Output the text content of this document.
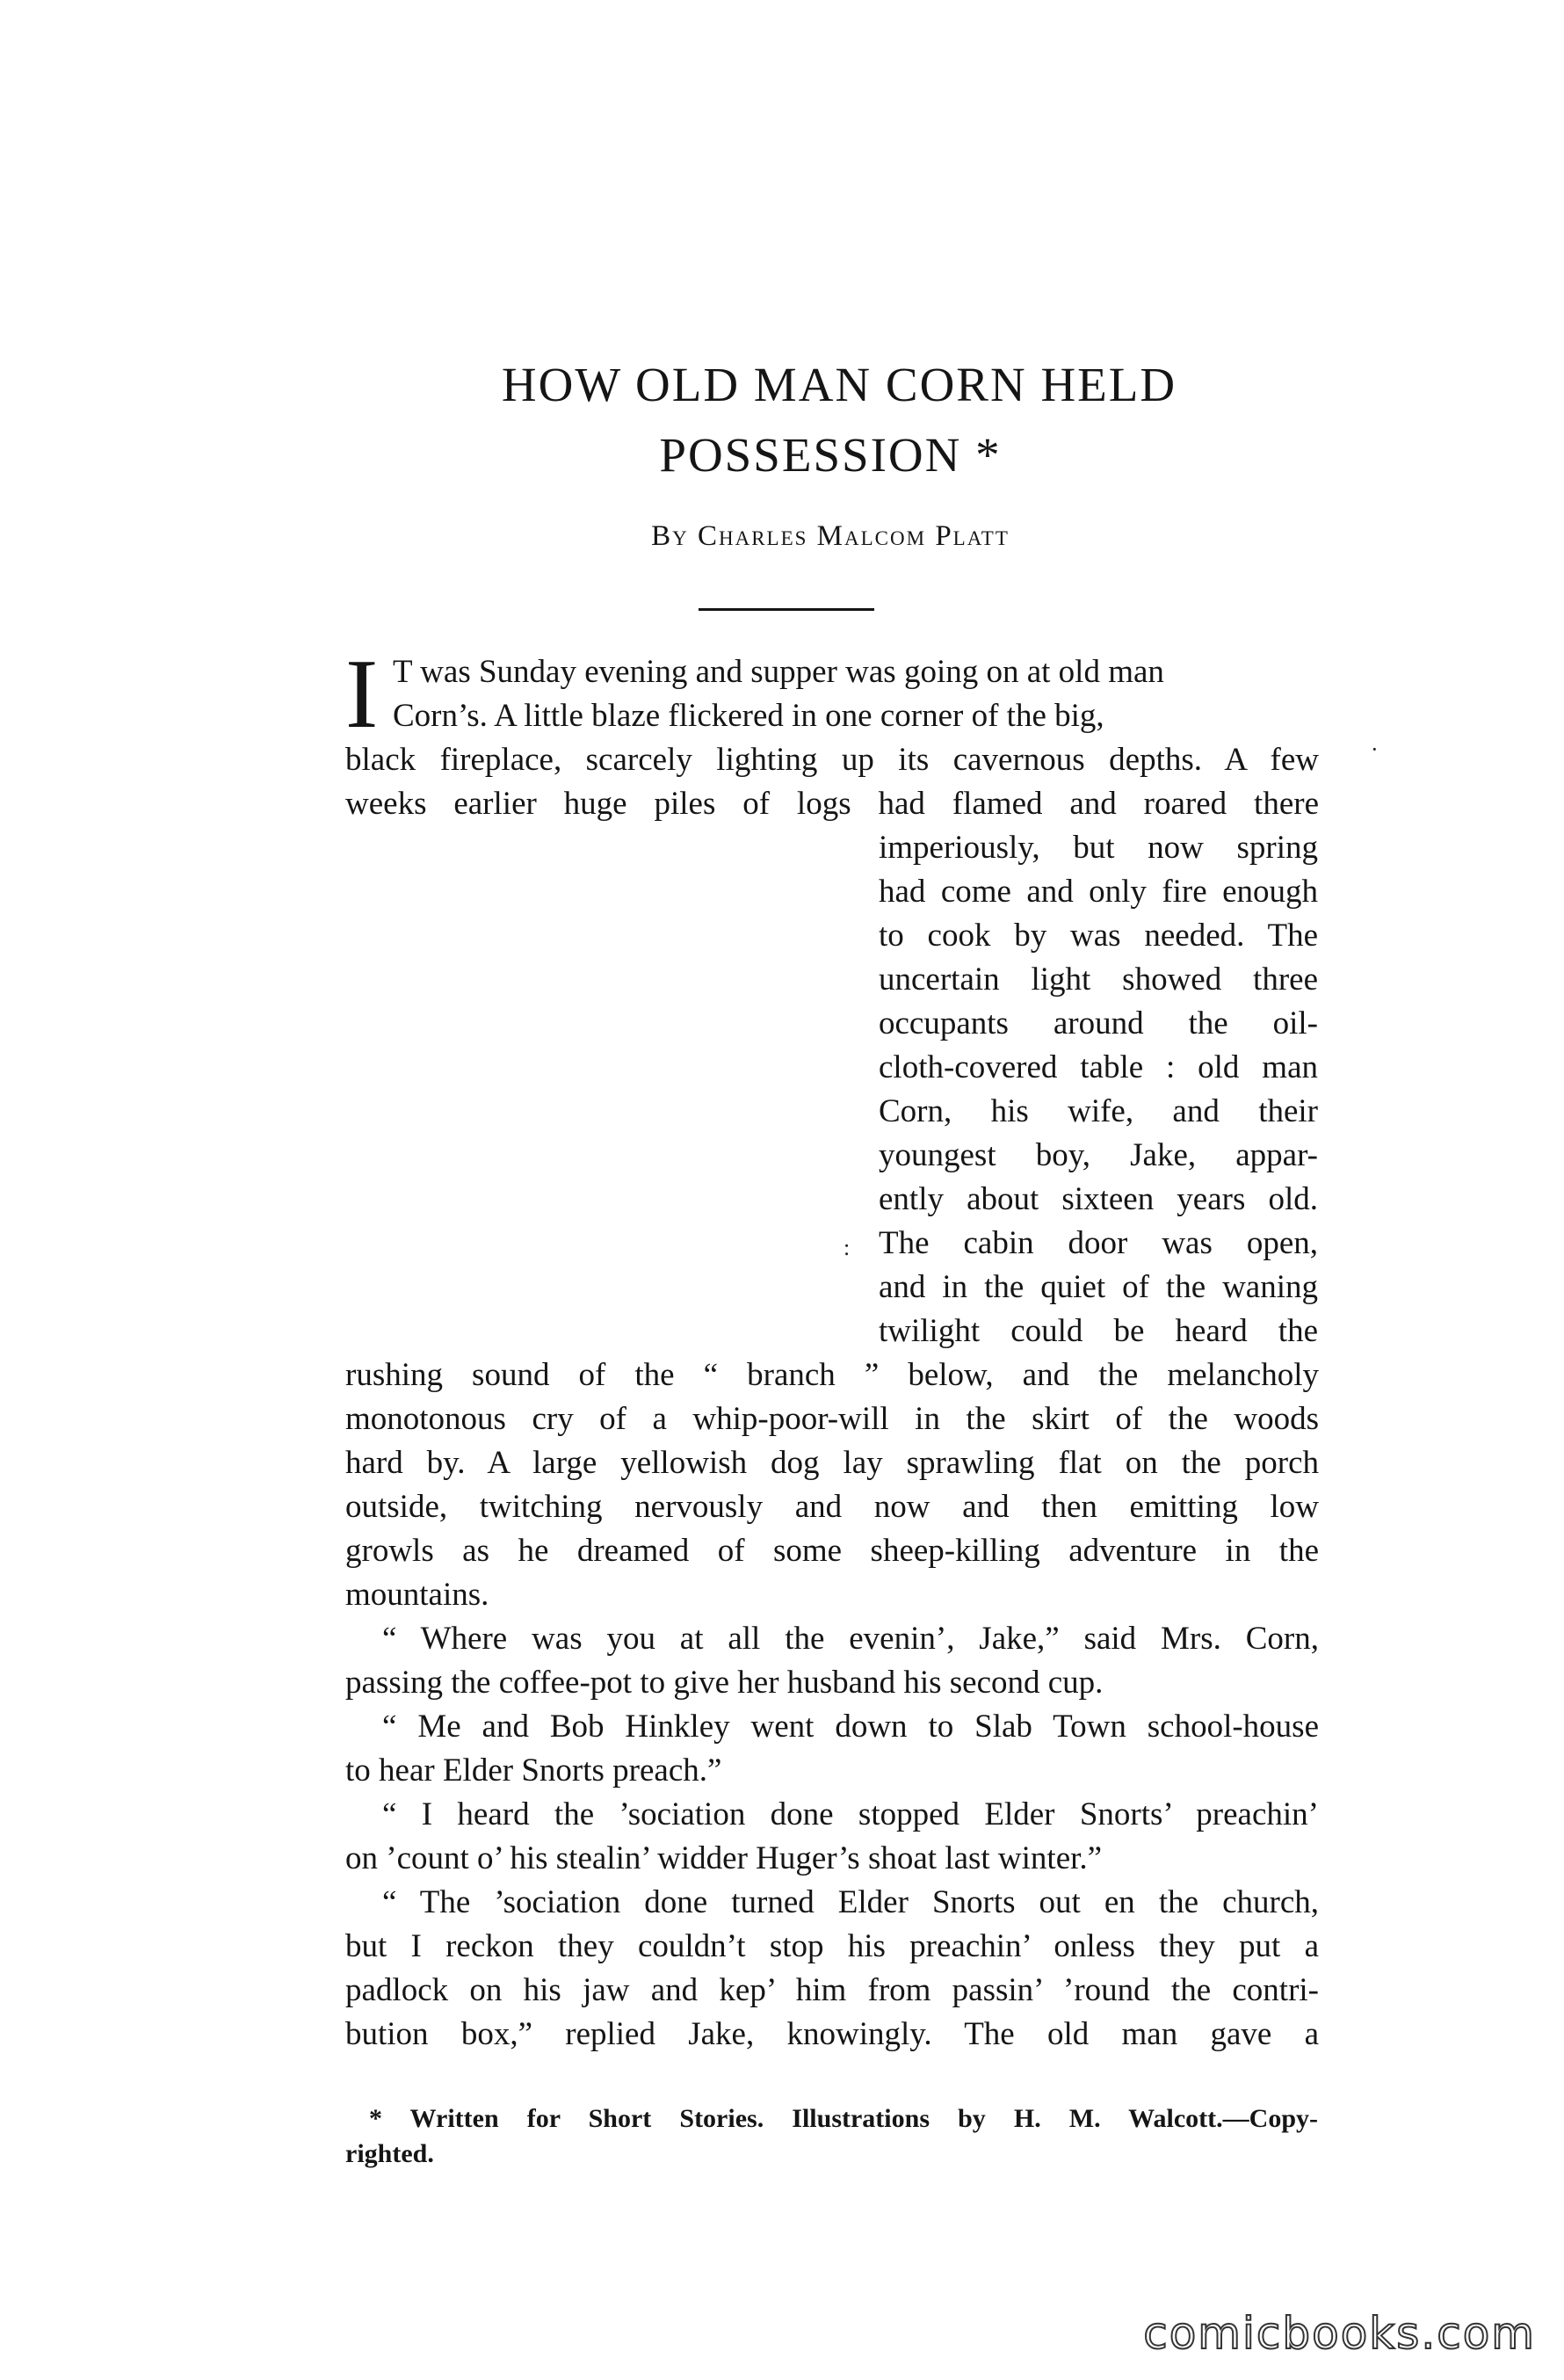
HOW OLD MAN CORN HELD
POSSESSION *
By Charles Malcom Platt
I T was Sunday evening and supper was going on at old man
Corn’s. A little blaze flickered in one corner of the big,
black fireplace, scarcely lighting up its cavernous depths. A few
weeks earlier huge piles of logs had flamed and roared there
imperiously, but now spring
had come and only fire enough
to cook by was needed. The
uncertain light showed three
occupants around the oil-
cloth-covered table : old man
Corn, his wife, and their
youngest boy, Jake, appar-
ently about sixteen years old.
The cabin door was open,
and in the quiet of the waning
twilight could be heard the
rushing sound of the “ branch ” below, and the melancholy
monotonous cry of a whip-poor-will in the skirt of the woods
hard by. A large yellowish dog lay sprawling flat on the porch
outside, twitching nervously and now and then emitting low
growls as he dreamed of some sheep-killing adventure in the
mountains.
“ Where was you at all the evenin’, Jake,” said Mrs. Corn,
passing the coffee-pot to give her husband his second cup.
“ Me and Bob Hinkley went down to Slab Town school-house
to hear Elder Snorts preach.”
“ I heard the ’sociation done stopped Elder Snorts’ preachin’
on ’count o’ his stealin’ widder Huger’s shoat last winter.”
“ The ’sociation done turned Elder Snorts out en the church,
but I reckon they couldn’t stop his preachin’ onless they put a
padlock on his jaw and kep’ him from passin’ ’round the contri-
bution box,” replied Jake, knowingly. The old man gave a
* Written for Short Stories. Illustrations by H. M. Walcott.—Copy-
righted.
:
·
comicbooks.com
